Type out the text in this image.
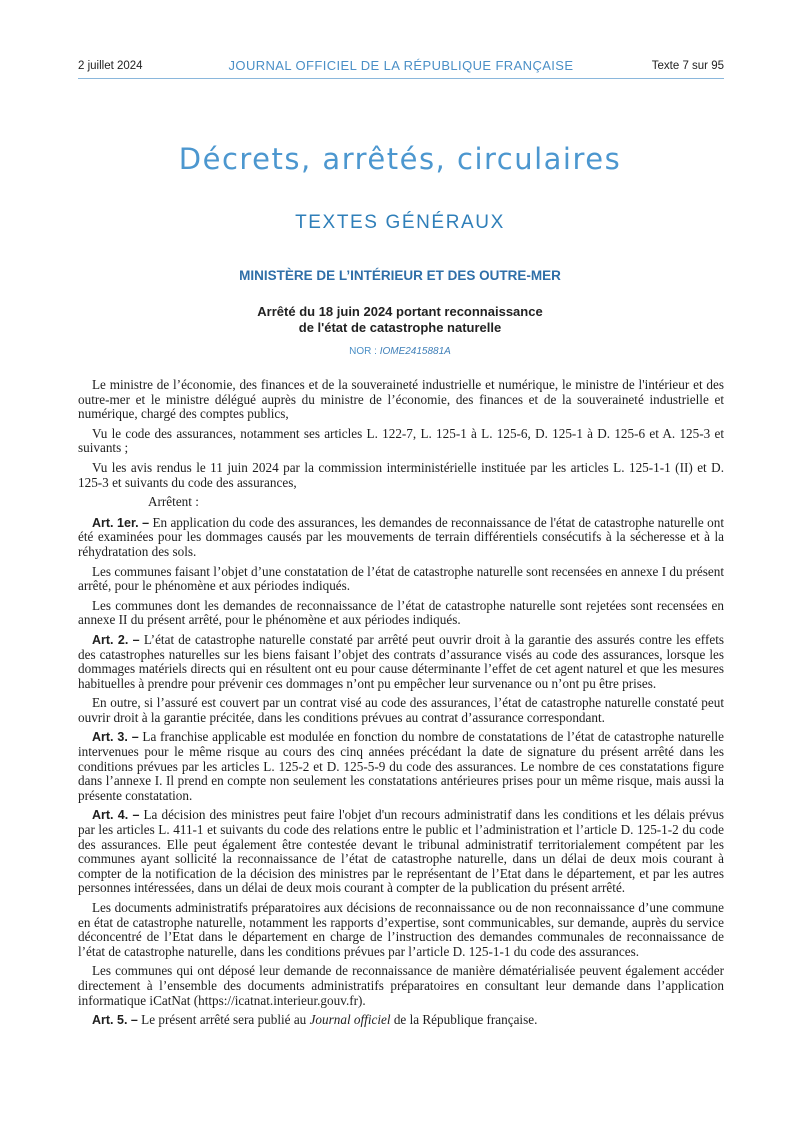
2 juillet 2024	JOURNAL OFFICIEL DE LA RÉPUBLIQUE FRANÇAISE	Texte 7 sur 95
Décrets, arrêtés, circulaires
TEXTES GÉNÉRAUX
MINISTÈRE DE L’INTÉRIEUR ET DES OUTRE-MER
Arrêté du 18 juin 2024 portant reconnaissance
de l'état de catastrophe naturelle
NOR : IOME2415881A

Le ministre de l’économie, des finances et de la souveraineté industrielle et numérique, le ministre de l'intérieur et des outre-mer et le ministre délégué auprès du ministre de l’économie, des finances et de la souveraineté industrielle et numérique, chargé des comptes publics,

Vu le code des assurances, notamment ses articles L. 122-7, L. 125-1 à L. 125-6, D. 125-1 à D. 125-6 et A. 125-3 et suivants ;

Vu les avis rendus le 11 juin 2024 par la commission interministérielle instituée par les articles L. 125-1-1 (II) et D. 125-3 et suivants du code des assurances,

Arrêtent :

Art. 1er. – En application du code des assurances, les demandes de reconnaissance de l'état de catastrophe naturelle ont été examinées pour les dommages causés par les mouvements de terrain différentiels consécutifs à la sécheresse et à la réhydratation des sols.

Les communes faisant l’objet d’une constatation de l’état de catastrophe naturelle sont recensées en annexe I du présent arrêté, pour le phénomène et aux périodes indiqués.

Les communes dont les demandes de reconnaissance de l’état de catastrophe naturelle sont rejetées sont recensées en annexe II du présent arrêté, pour le phénomène et aux périodes indiqués.

Art. 2. – L’état de catastrophe naturelle constaté par arrêté peut ouvrir droit à la garantie des assurés contre les effets des catastrophes naturelles sur les biens faisant l’objet des contrats d’assurance visés au code des assurances, lorsque les dommages matériels directs qui en résultent ont eu pour cause déterminante l’effet de cet agent naturel et que les mesures habituelles à prendre pour prévenir ces dommages n’ont pu empêcher leur survenance ou n’ont pu être prises.

En outre, si l’assuré est couvert par un contrat visé au code des assurances, l’état de catastrophe naturelle constaté peut ouvrir droit à la garantie précitée, dans les conditions prévues au contrat d’assurance correspondant.

Art. 3. – La franchise applicable est modulée en fonction du nombre de constatations de l’état de catastrophe naturelle intervenues pour le même risque au cours des cinq années précédant la date de signature du présent arrêté dans les conditions prévues par les articles L. 125-2 et D. 125-5-9 du code des assurances. Le nombre de ces constatations figure dans l’annexe I. Il prend en compte non seulement les constatations antérieures prises pour un même risque, mais aussi la présente constatation.

Art. 4. – La décision des ministres peut faire l'objet d'un recours administratif dans les conditions et les délais prévus par les articles L. 411-1 et suivants du code des relations entre le public et l’administration et l’article D. 125-1-2 du code des assurances. Elle peut également être contestée devant le tribunal administratif territorialement compétent par les communes ayant sollicité la reconnaissance de l’état de catastrophe naturelle, dans un délai de deux mois courant à compter de la notification de la décision des ministres par le représentant de l’Etat dans le département, et par les autres personnes intéressées, dans un délai de deux mois courant à compter de la publication du présent arrêté.

Les documents administratifs préparatoires aux décisions de reconnaissance ou de non reconnaissance d’une commune en état de catastrophe naturelle, notamment les rapports d’expertise, sont communicables, sur demande, auprès du service déconcentré de l’Etat dans le département en charge de l’instruction des demandes communales de reconnaissance de l’état de catastrophe naturelle, dans les conditions prévues par l’article D. 125-1-1 du code des assurances.

Les communes qui ont déposé leur demande de reconnaissance de manière dématérialisée peuvent également accéder directement à l’ensemble des documents administratifs préparatoires en consultant leur demande dans l’application informatique iCatNat (https://icatnat.interieur.gouv.fr).

Art. 5. – Le présent arrêté sera publié au Journal officiel de la République française.
